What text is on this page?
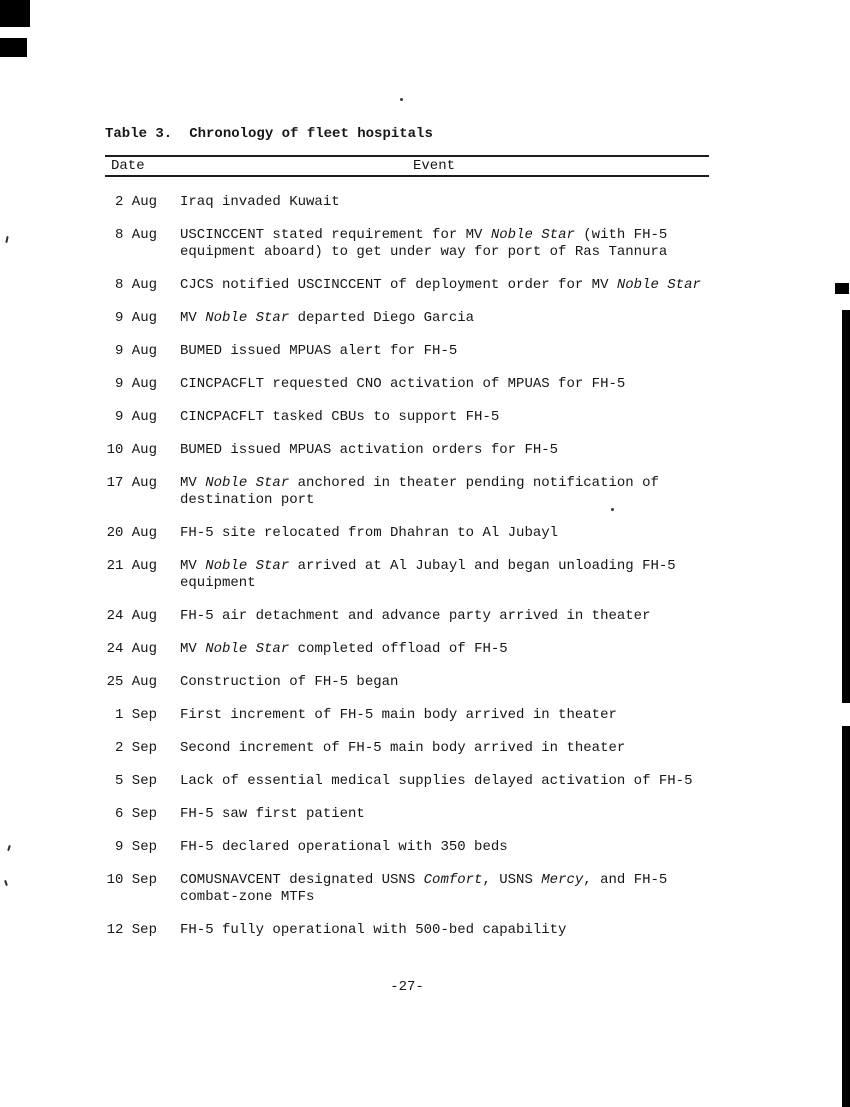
Table 3. Chronology of fleet hospitals
Date	Event
2 Aug Iraq invaded Kuwait
8 Aug USCINCCENT stated requirement for MV Noble Star (with FH-5
equipment aboard) to get under way for port of Ras Tannura
8 Aug CJCS notified USCINCCENT of deployment order for MV Noble Star
9 Aug MV Noble Star departed Diego Garcia
9 Aug BUMED issued MPUAS alert for FH-5
9 Aug CINCPACFLT requested CNO activation of MPUAS for FH-5
9 Aug CINCPACFLT tasked CBUs to support FH-5
10 Aug BUMED issued MPUAS activation orders for FH-5
17 Aug MV Noble Star anchored in theater pending notification of
destination port
20 Aug FH-5 site relocated from Dhahran to Al Jubayl
21 Aug MV Noble Star arrived at Al Jubayl and began unloading FH-5
equipment
24 Aug FH-5 air detachment and advance party arrived in theater
24 Aug MV Noble Star completed offload of FH-5
25 Aug Construction of FH-5 began
1 Sep First increment of FH-5 main body arrived in theater
2 Sep Second increment of FH-5 main body arrived in theater
5 Sep Lack of essential medical supplies delayed activation of FH-5
6 Sep FH-5 saw first patient
9 Sep FH-5 declared operational with 350 beds
10 Sep COMUSNAVCENT designated USNS Comfort, USNS Mercy, and FH-5
combat-zone MTFs
12 Sep FH-5 fully operational with 500-bed capability
-27-
